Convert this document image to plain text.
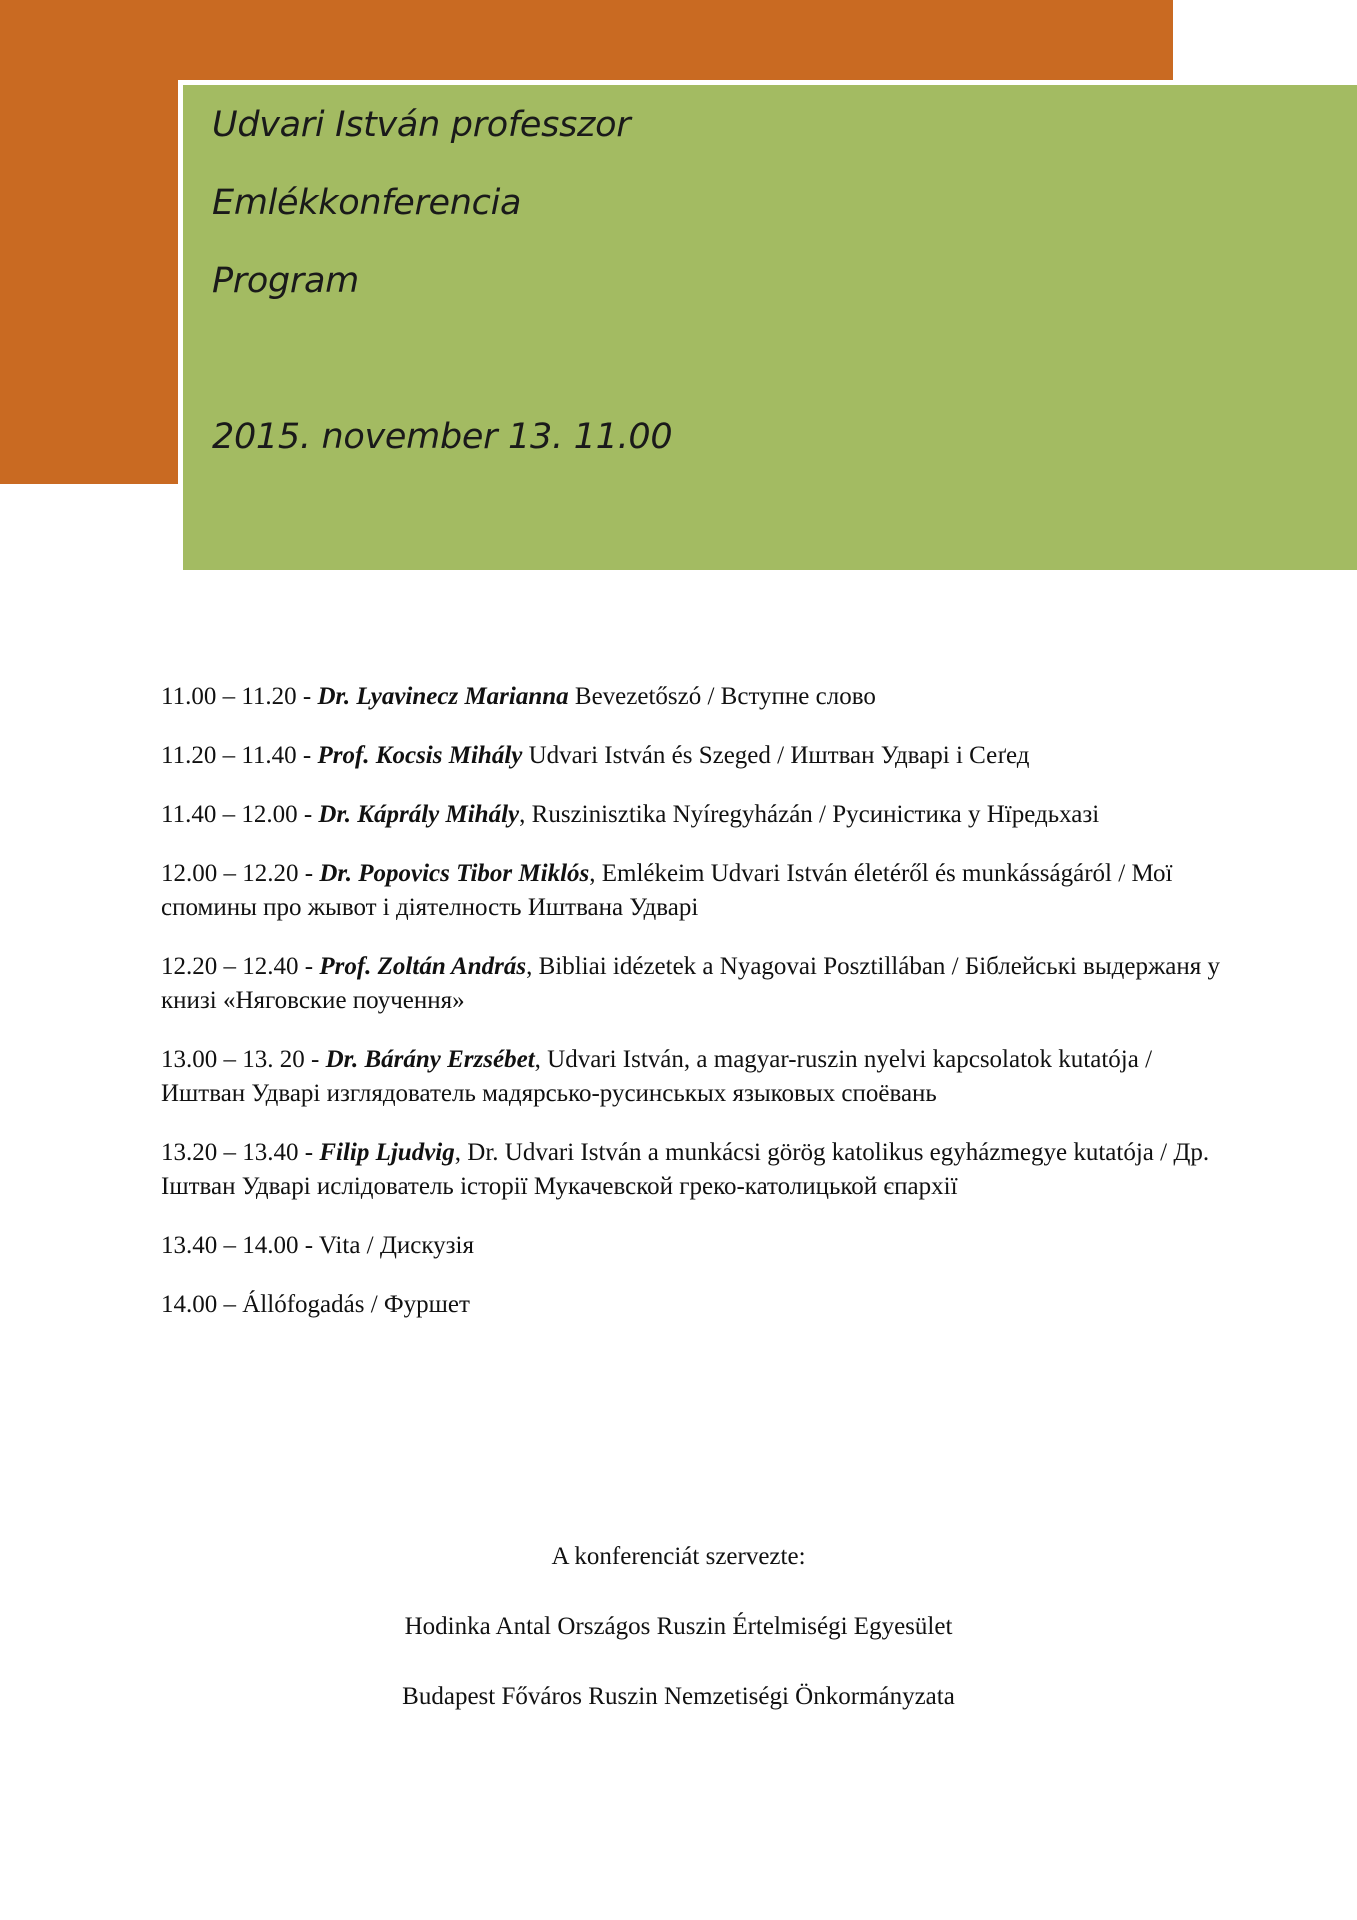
Udvari István professzor
Emlékkonferencia
Program
2015. november 13. 11.00
11.00 – 11.20 - Dr. Lyavinecz Marianna Bevezetőszó / Вступне слово
11.20 – 11.40 - Prof. Kocsis Mihály Udvari István és Szeged / Иштван Удварі і Сеґед
11.40 – 12.00 - Dr. Káprály Mihály, Ruszinisztika Nyíregyházán / Русиністика у Нїредьхазі
12.00 – 12.20 - Dr. Popovics Tibor Miklós, Emlékeim Udvari István életéről és munkásságáról / Мої спомины про жывот і діятелность Иштвана Удварі
12.20 – 12.40 - Prof. Zoltán András, Bibliai idézetek a Nyagovai Posztillában / Біблейські выдержаня у книзі «Няговские поучення»
13.00 – 13. 20 - Dr. Bárány Erzsébet, Udvari István, a magyar-ruszin nyelvi kapcsolatok kutatója / Иштван Удварі изглядователь мадярсько-русинськых языковых споёвань
13.20 – 13.40 - Filip Ljudvig, Dr. Udvari István a munkácsi görög katolikus egyházmegye kutatója / Др. Іштван Удварі ислідователь історії Мукачевской греко-католицькой єпархії
13.40 – 14.00 - Vita / Дискузія
14.00 – Állófogadás / Фуршет
A konferenciát szervezte:
Hodinka Antal Országos Ruszin Értelmiségi Egyesület
Budapest Főváros Ruszin Nemzetiségi Önkormányzata
